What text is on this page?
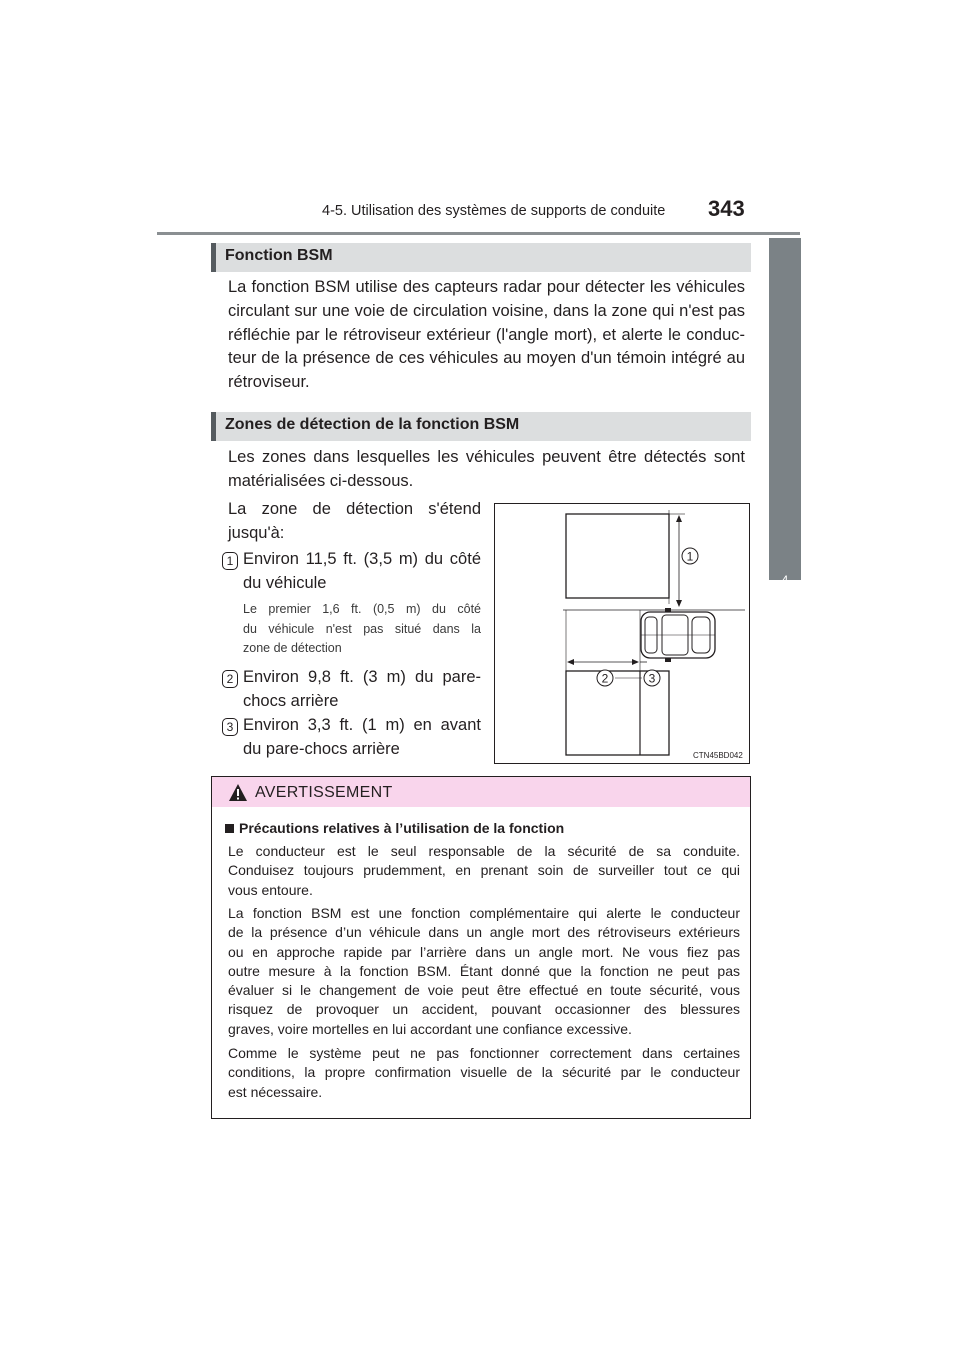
4-5. Utilisation des systèmes de supports de conduite 343
4
Conduite
Fonction BSM
La fonction BSM utilise des capteurs radar pour détecter les véhicules
circulant sur une voie de circulation voisine, dans la zone qui n'est pas
réfléchie par le rétroviseur extérieur (l'angle mort), et alerte le conduc-
teur de la présence de ces véhicules au moyen d'un témoin intégré au
rétroviseur.
Zones de détection de la fonction BSM
Les zones dans lesquelles les véhicules peuvent être détectés sont
matérialisées ci-dessous.
La zone de détection s'étend
jusqu'à:
1 Environ 11,5 ft. (3,5 m) du côté
du véhicule
Le premier 1,6 ft. (0,5 m) du côté
du véhicule n'est pas situé dans la
zone de détection
2 Environ 9,8 ft. (3 m) du pare-
chocs arrière
3 Environ 3,3 ft. (1 m) en avant
du pare-chocs arrière
1
2	3
CTN45BD042
AVERTISSEMENT
Précautions relatives à l’utilisation de la fonction
Le conducteur est le seul responsable de la sécurité de sa conduite.
Conduisez toujours prudemment, en prenant soin de surveiller tout ce qui
vous entoure.
La fonction BSM est une fonction complémentaire qui alerte le conducteur
de la présence d’un véhicule dans un angle mort des rétroviseurs extérieurs
ou en approche rapide par l’arrière dans un angle mort. Ne vous fiez pas
outre mesure à la fonction BSM. Étant donné que la fonction ne peut pas
évaluer si le changement de voie peut être effectué en toute sécurité, vous
risquez de provoquer un accident, pouvant occasionner des blessures
graves, voire mortelles en lui accordant une confiance excessive.
Comme le système peut ne pas fonctionner correctement dans certaines
conditions, la propre confirmation visuelle de la sécurité par le conducteur
est nécessaire.
